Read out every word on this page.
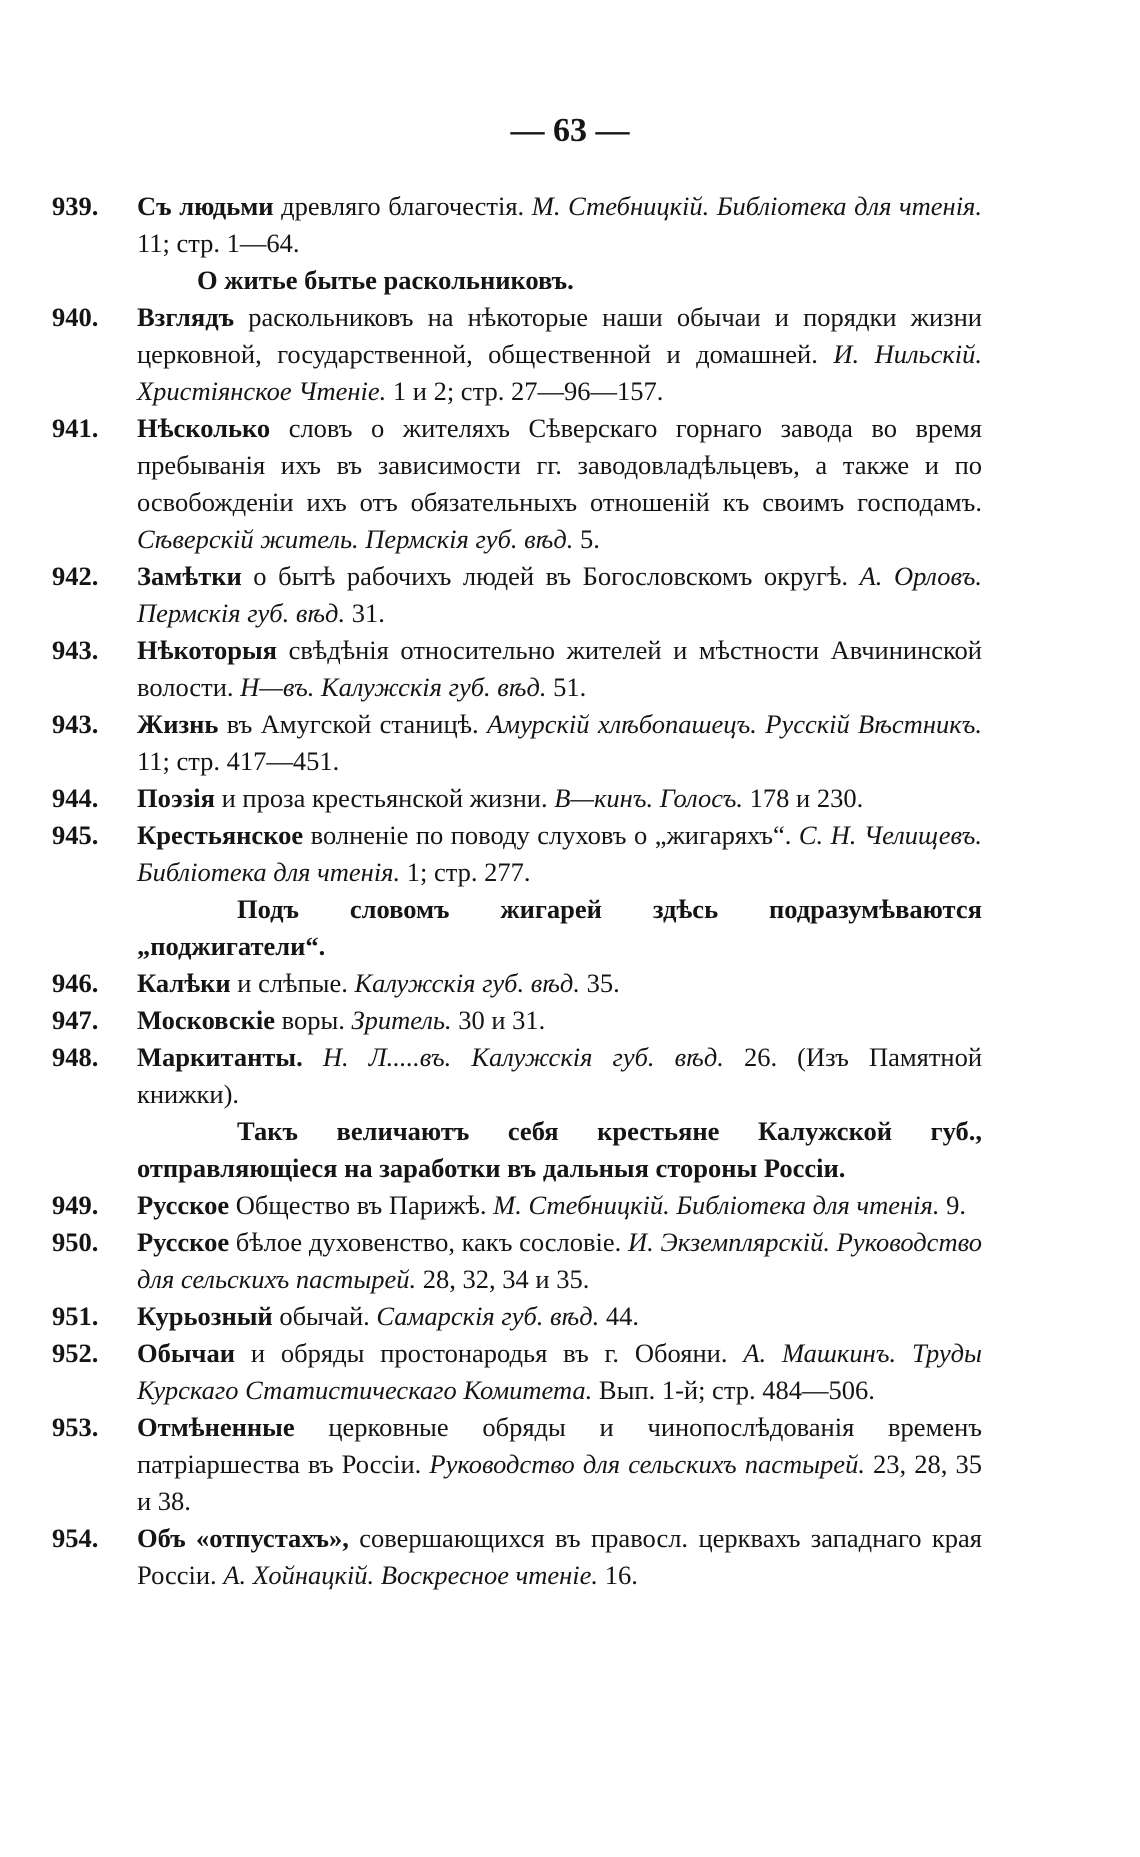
— 63 —
939.	Съ людьми древляго благочестія. М. Стебницкій. Библіотека для чтенія. 11; стр. 1—64.
О житье бытье раскольниковъ.
940.	Взглядъ раскольниковъ на нѣкоторые наши обычаи и порядки жизни церковной, государственной, общественной и домашней. И. Нильскій. Христіянское Чтеніе. 1 и 2; стр. 27—96—157.
941.	Нѣсколько словъ о жителяхъ Сѣверскаго горнаго завода во время пребыванія ихъ въ зависимости гг. заводовладѣльцевъ, а также и по освобожденіи ихъ отъ обязательныхъ отношеній къ своимъ господамъ. Сѣверскій житель. Пермскія губ. вѣд. 5.
942.	Замѣтки о бытѣ рабочихъ людей въ Богословскомъ округѣ. А. Орловъ. Пермскія губ. вѣд. 31.
943.	Нѣкоторыя свѣдѣнія относительно жителей и мѣстности Авчининской волости. Н—въ. Калужскія губ. вѣд. 51.
943.	Жизнь въ Амугской станицѣ. Амурскій хлѣбопашецъ. Русскій Вѣстникъ. 11; стр. 417—451.
944.	Поэзія и проза крестьянской жизни. В—кинъ. Голосъ. 178 и 230.
945.	Крестьянское волненіе по поводу слуховъ о „жигаряхъ“. С. Н. Челищевъ. Библіотека для чтенія. 1; стр. 277.
Подъ словомъ жигарей здѣсь подразумѣваются „поджигатели“.
946.	Калѣки и слѣпые. Калужскія губ. вѣд. 35.
947.	Московскіе воры. Зритель. 30 и 31.
948.	Маркитанты. Н. Л.....въ. Калужскія губ. вѣд. 26. (Изъ Памятной книжки).
Такъ величаютъ себя крестьяне Калужской губ., отправляющіеся на заработки въ дальныя стороны Россіи.
949.	Русское Общество въ Парижѣ. М. Стебницкій. Библіотека для чтенія. 9.
950.	Русское бѣлое духовенство, какъ сословіе. И. Экземплярскій. Руководство для сельскихъ пастырей. 28, 32, 34 и 35.
951.	Курьозный обычай. Самарскія губ. вѣд. 44.
952.	Обычаи и обряды простонародья въ г. Обояни. А. Машкинъ. Труды Курскаго Статистическаго Комитета. Вып. 1-й; стр. 484—506.
953.	Отмѣненные церковные обряды и чинопослѣдованія временъ патріаршества въ Россіи. Руководство для сельскихъ пастырей. 23, 28, 35 и 38.
954.	Объ «отпустахъ», совершающихся въ правосл. церквахъ западнаго края Россіи. А. Хойнацкій. Воскресное чтеніе. 16.
